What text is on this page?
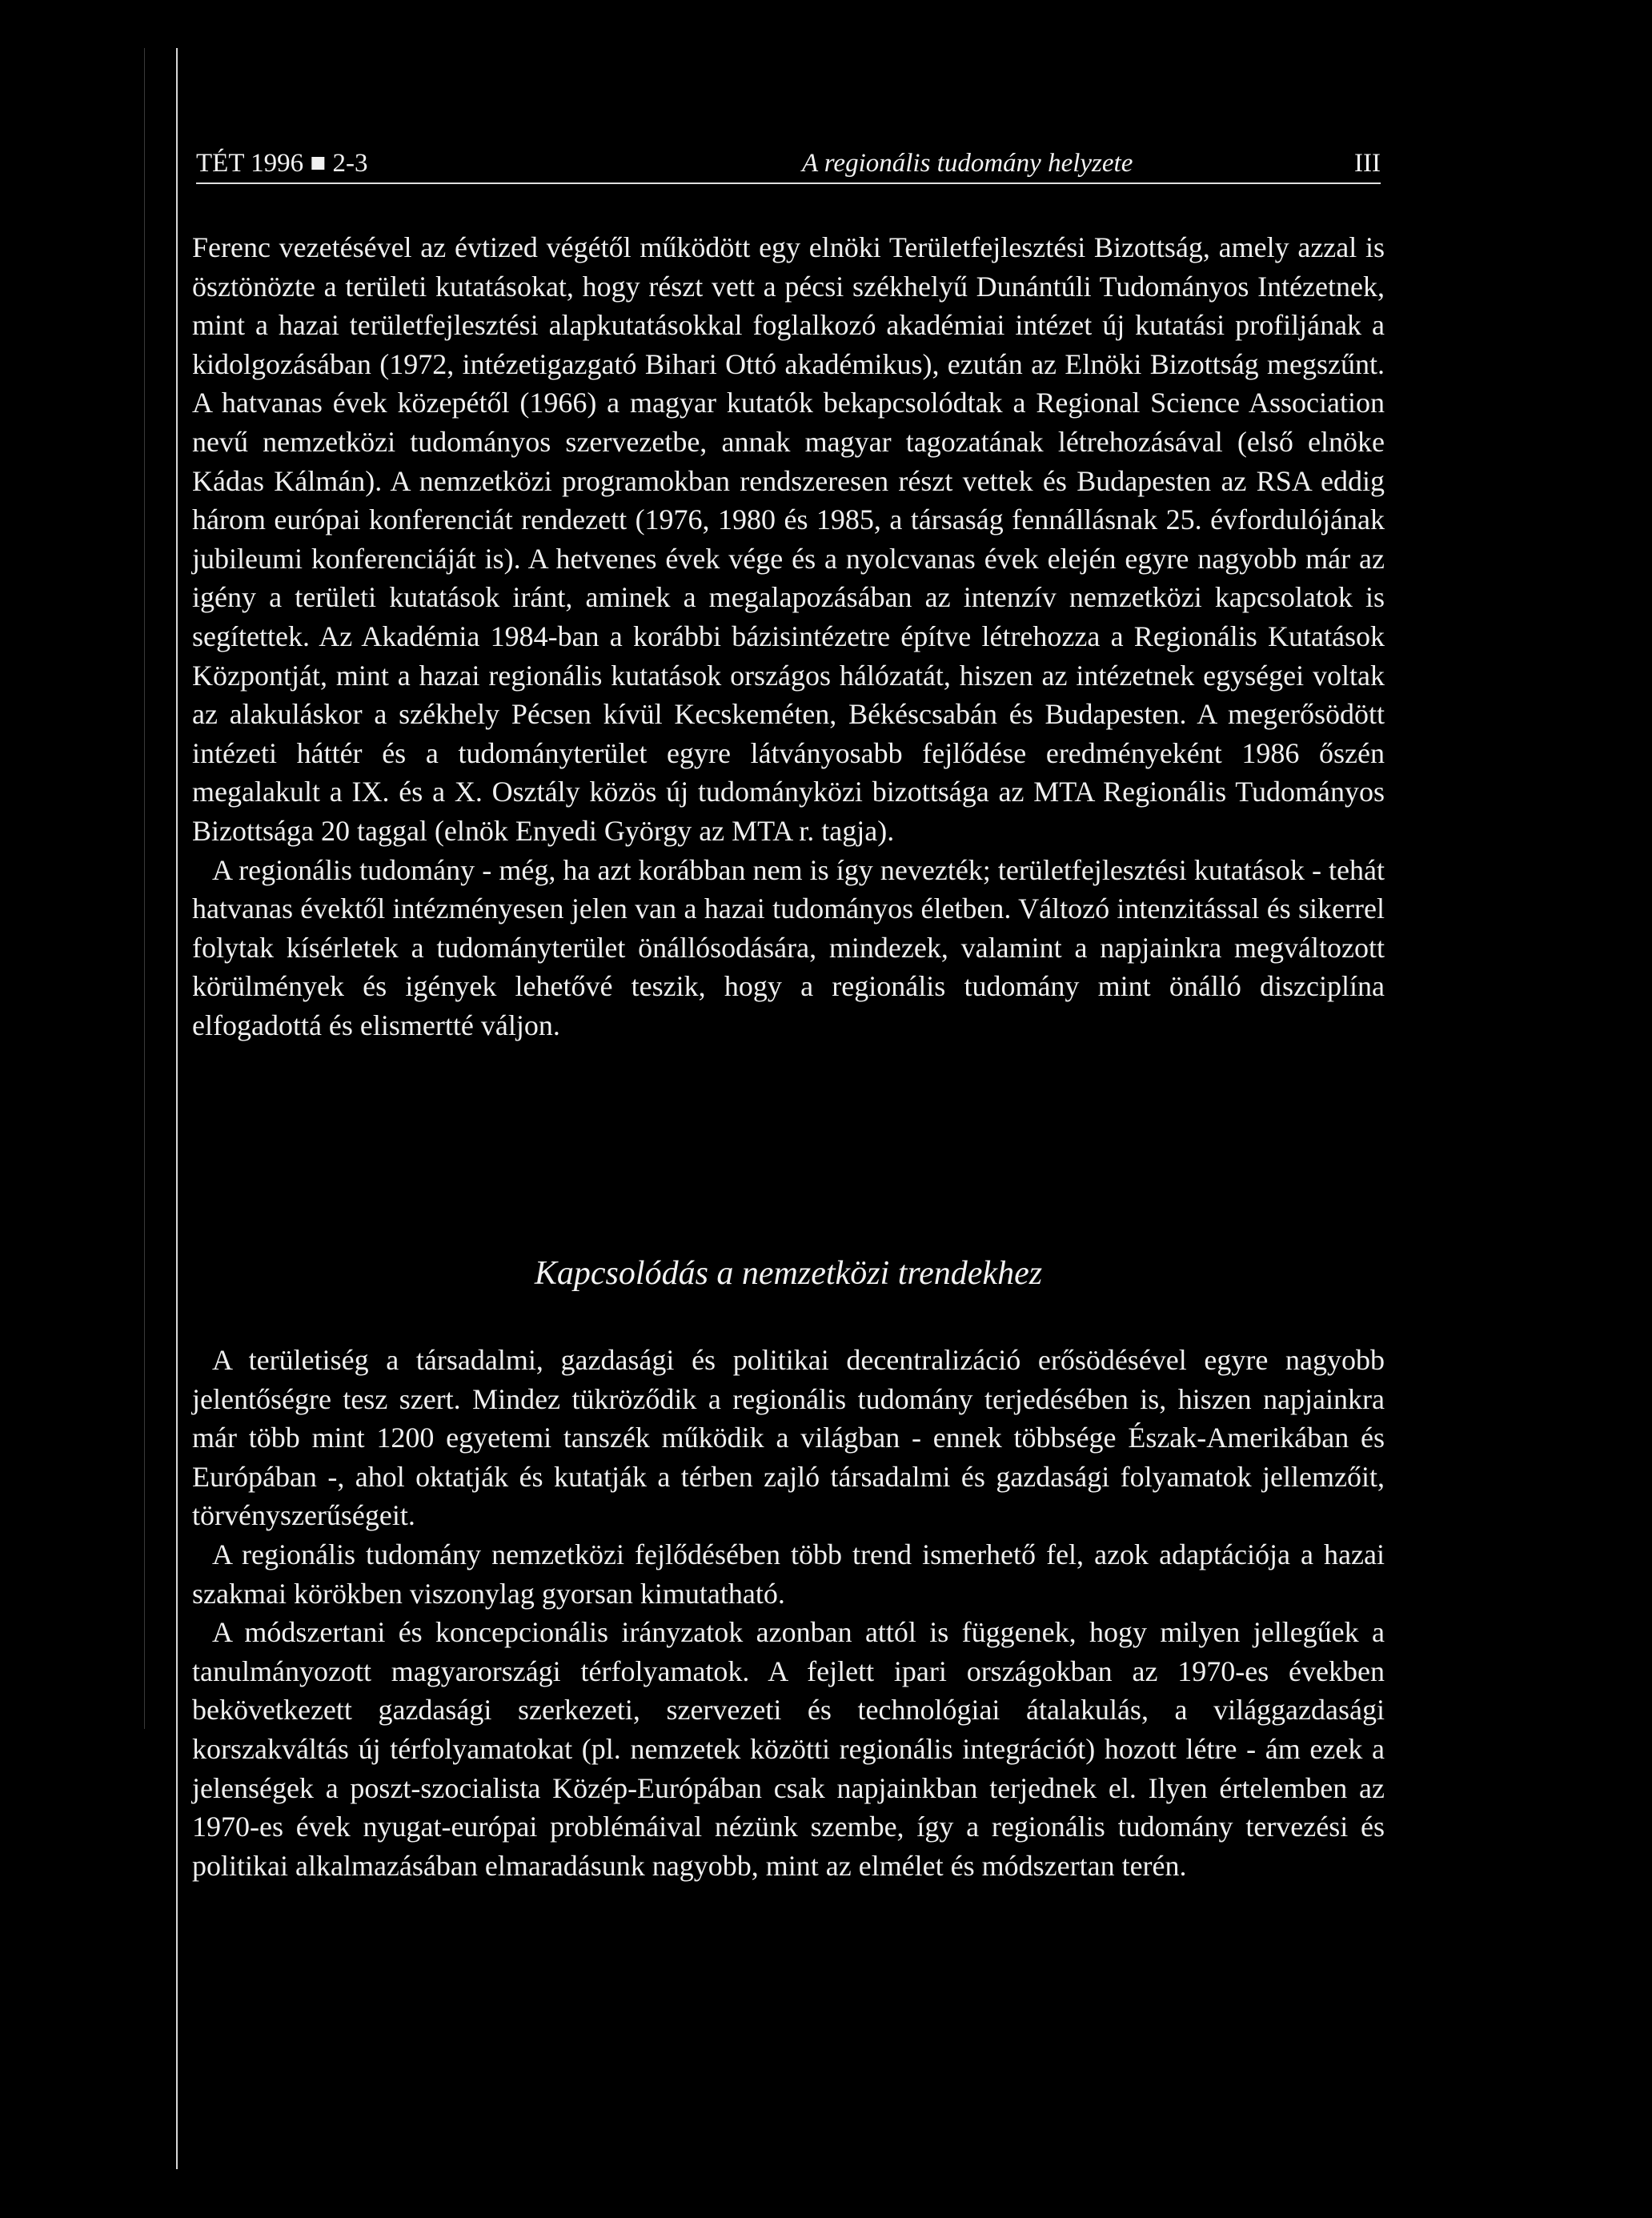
TÉT 1996 ■ 2-3	A regionális tudomány helyzete	III

Ferenc vezetésével az évtized végétől működött egy elnöki Területfejlesztési Bizottság, amely azzal is ösztönözte a területi kutatásokat, hogy részt vett a pécsi székhelyű Dunántúli Tudományos Intézetnek, mint a hazai területfejlesztési alapkutatásokkal foglalkozó akadémiai intézet új kutatási profiljának a kidolgozásában (1972, intézetigazgató Bihari Ottó akadémikus), ezután az Elnöki Bizottság megszűnt. A hatvanas évek közepétől (1966) a magyar kutatók bekapcsolódtak a Regional Science Association nevű nemzetközi tudományos szervezetbe, annak magyar tagozatának létrehozásával (első elnöke Kádas Kálmán). A nemzetközi programokban rendszeresen részt vettek és Budapesten az RSA eddig három európai konferenciát rendezett (1976, 1980 és 1985, a társaság fennállásnak 25. évfordulójának jubileumi konferenciáját is). A hetvenes évek vége és a nyolcvanas évek elején egyre nagyobb már az igény a területi kutatások iránt, aminek a megalapozásában az intenzív nemzetközi kapcsolatok is segítettek. Az Akadémia 1984-ban a korábbi bázisintézetre építve létrehozza a Regionális Kutatások Központját, mint a hazai regionális kutatások országos hálózatát, hiszen az intézetnek egységei voltak az alakuláskor a székhely Pécsen kívül Kecskeméten, Békéscsabán és Budapesten. A megerősödött intézeti háttér és a tudományterület egyre látványosabb fejlődése eredményeként 1986 őszén megalakult a IX. és a X. Osztály közös új tudományközi bizottsága az MTA Regionális Tudományos Bizottsága 20 taggal (elnök Enyedi György az MTA r. tagja).

A regionális tudomány - még, ha azt korábban nem is így nevezték; területfejlesztési kutatások - tehát hatvanas évektől intézményesen jelen van a hazai tudományos életben. Változó intenzitással és sikerrel folytak kísérletek a tudományterület önállósodására, mindezek, valamint a napjainkra megváltozott körülmények és igények lehetővé teszik, hogy a regionális tudomány mint önálló diszciplína elfogadottá és elismertté váljon.

Kapcsolódás a nemzetközi trendekhez

A területiség a társadalmi, gazdasági és politikai decentralizáció erősödésével egyre nagyobb jelentőségre tesz szert. Mindez tükröződik a regionális tudomány terjedésében is, hiszen napjainkra már több mint 1200 egyetemi tanszék működik a világban - ennek többsége Észak-Amerikában és Európában -, ahol oktatják és kutatják a térben zajló társadalmi és gazdasági folyamatok jellemzőit, törvényszerűségeit.

A regionális tudomány nemzetközi fejlődésében több trend ismerhető fel, azok adaptációja a hazai szakmai körökben viszonylag gyorsan kimutatható.

A módszertani és koncepcionális irányzatok azonban attól is függenek, hogy milyen jellegűek a tanulmányozott magyarországi térfolyamatok. A fejlett ipari országokban az 1970-es években bekövetkezett gazdasági szerkezeti, szervezeti és technológiai átalakulás, a világgazdasági korszakváltás új térfolyamatokat (pl. nemzetek közötti regionális integrációt) hozott létre - ám ezek a jelenségek a poszt-szocialista Közép-Európában csak napjainkban terjednek el. Ilyen értelemben az 1970-es évek nyugat-európai problémáival nézünk szembe, így a regionális tudomány tervezési és politikai alkalmazásában elmaradásunk nagyobb, mint az elmélet és módszertan terén.
